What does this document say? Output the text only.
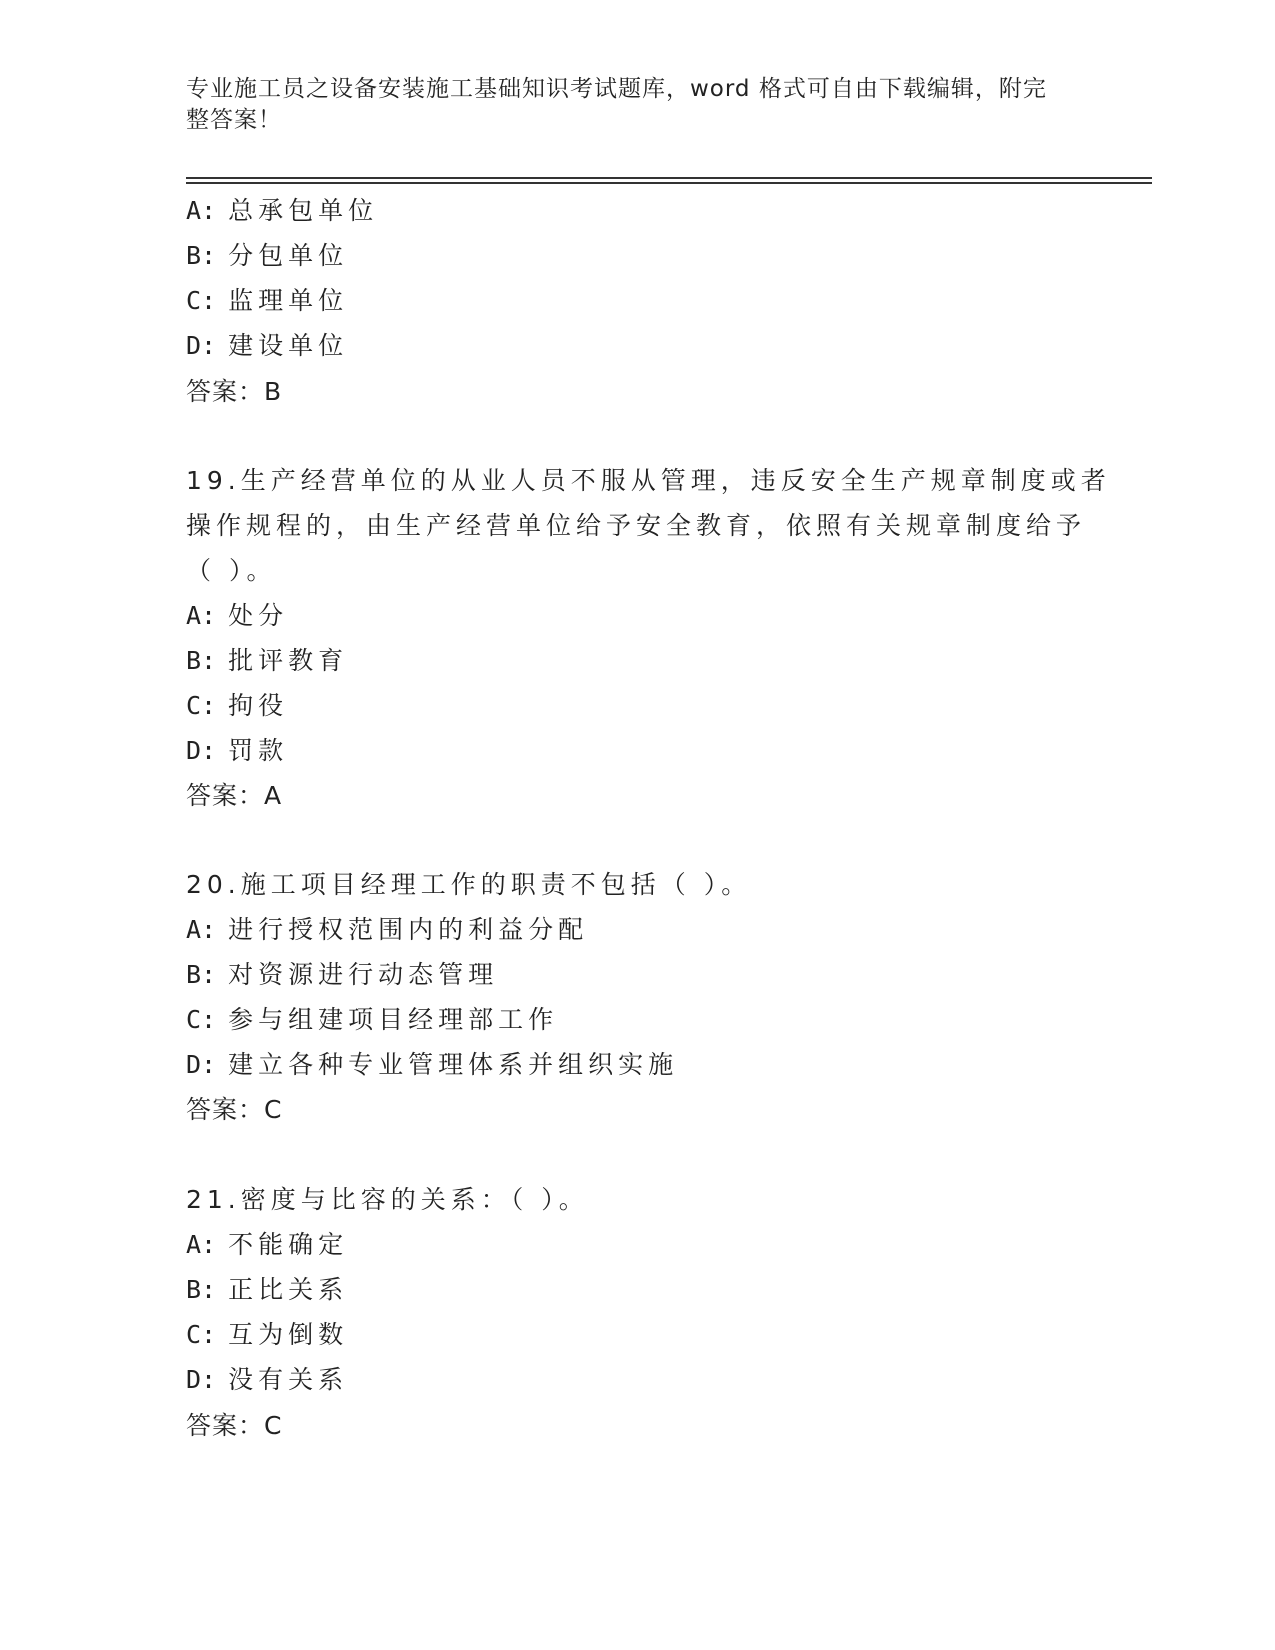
专业施工员之设备安装施工基础知识考试题库，word 格式可自由下载编辑，附完整答案！
A: 总承包单位
B: 分包单位
C: 监理单位
D: 建设单位
答案：B
19.生产经营单位的从业人员不服从管理，违反安全生产规章制度或者
操作规程的，由生产经营单位给予安全教育，依照有关规章制度给予
（ ）。
A: 处分
B: 批评教育
C: 拘役
D: 罚款
答案：A
20.施工项目经理工作的职责不包括（ ）。
A: 进行授权范围内的利益分配
B: 对资源进行动态管理
C: 参与组建项目经理部工作
D: 建立各种专业管理体系并组织实施
答案：C
21.密度与比容的关系：（ ）。
A: 不能确定
B: 正比关系
C: 互为倒数
D: 没有关系
答案：C
